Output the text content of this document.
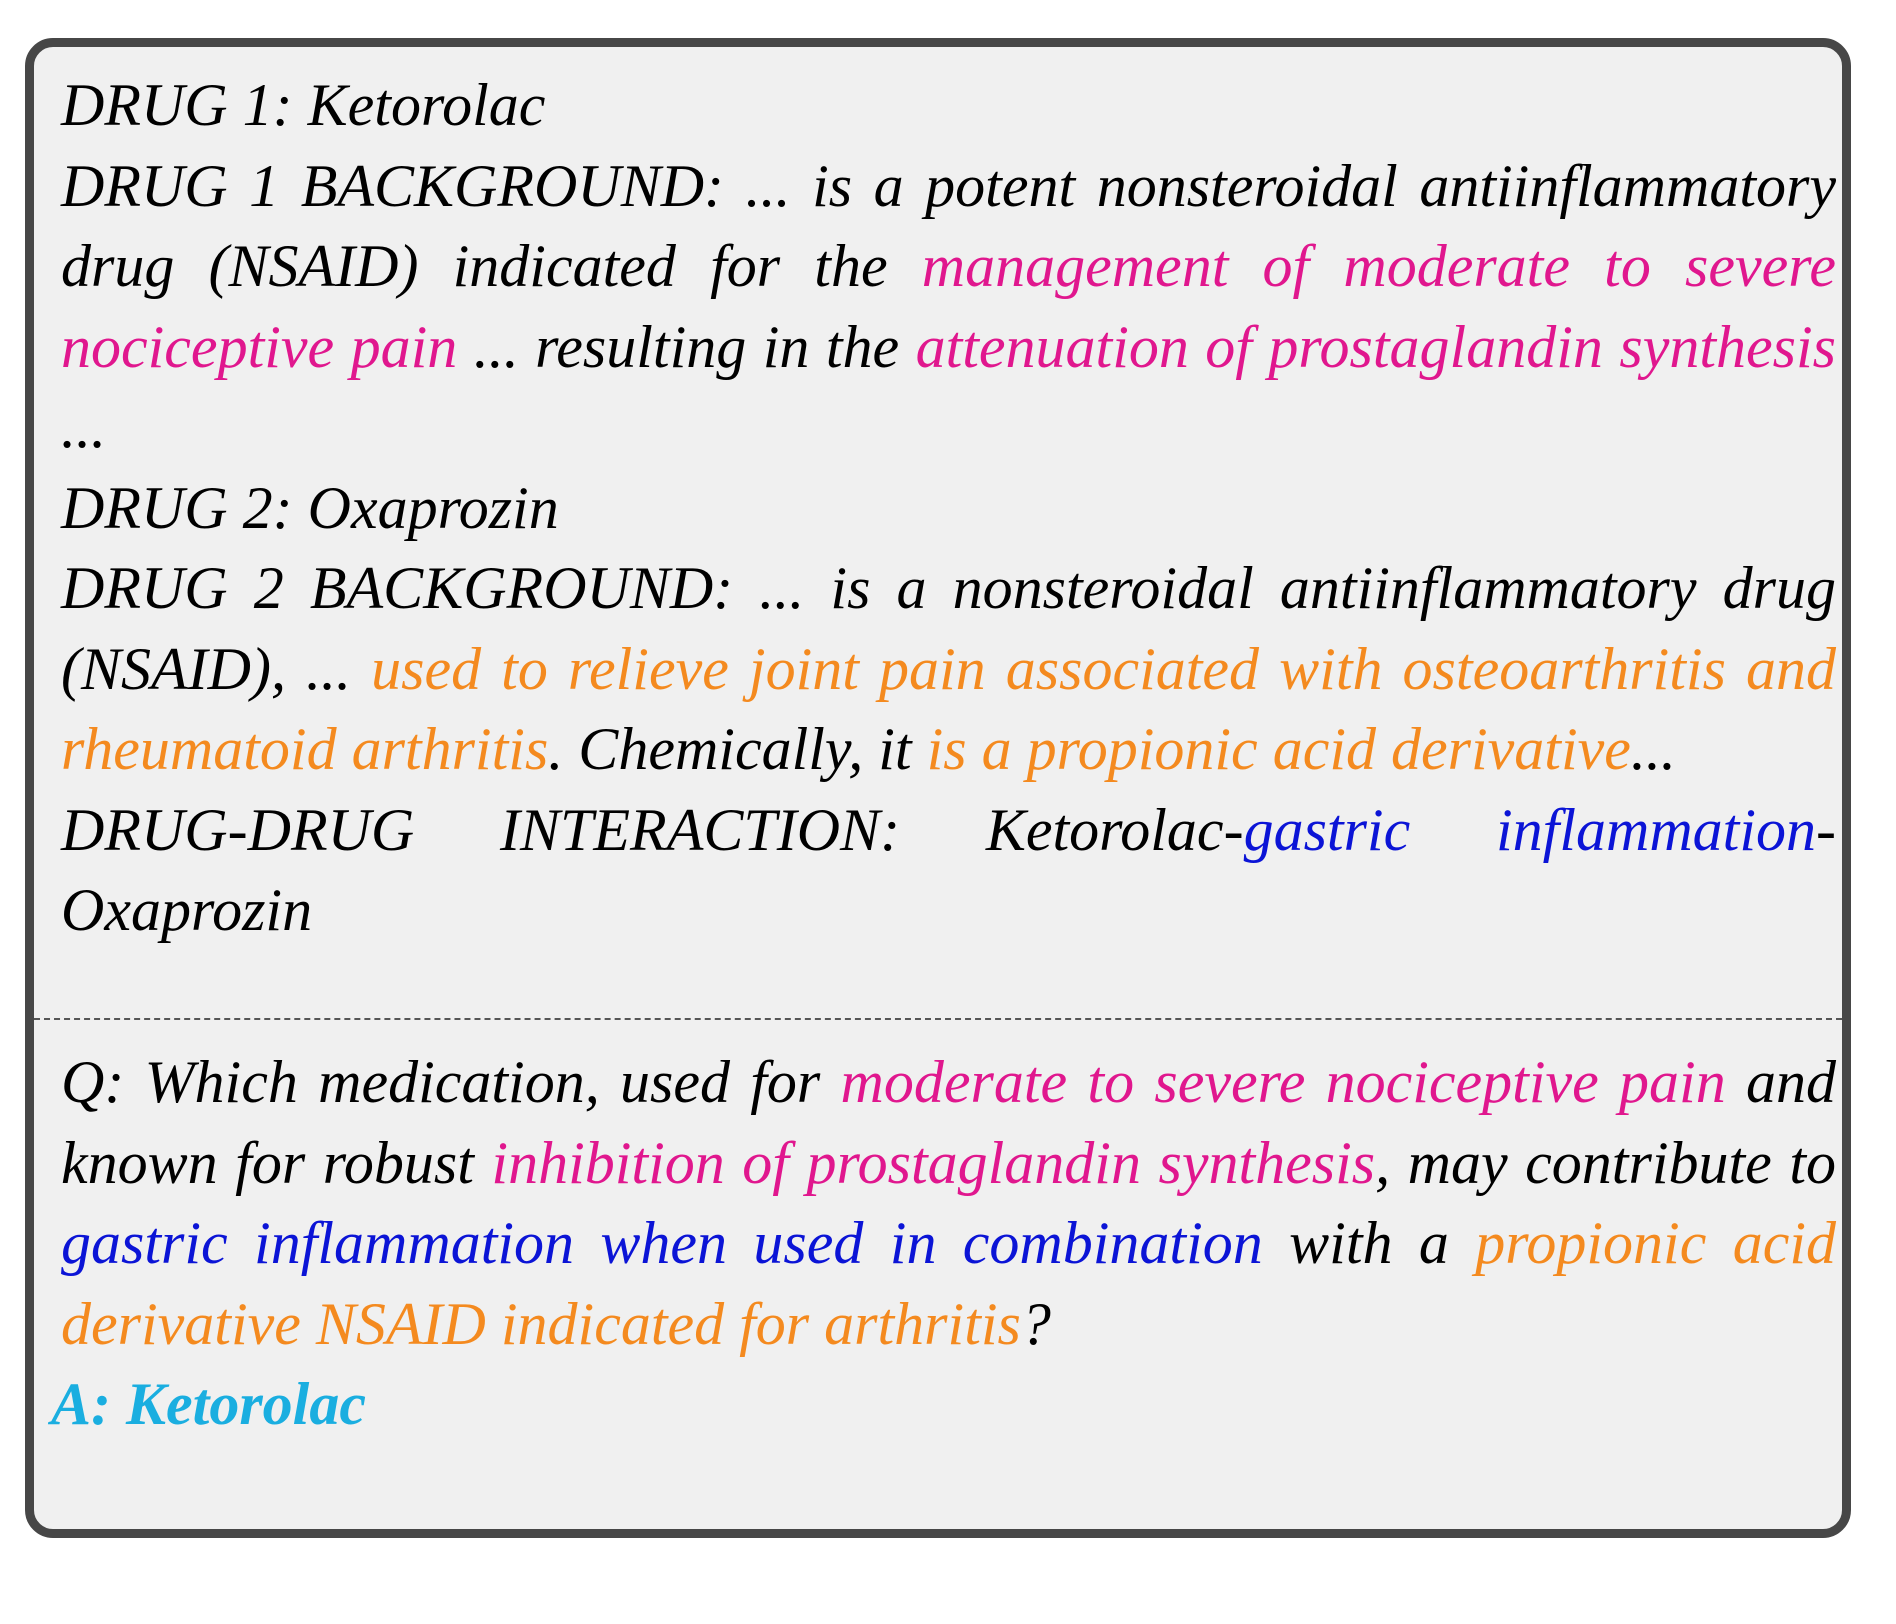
DRUG 1: Ketorolac
DRUG 1 BACKGROUND: ... is a potent nonsteroidal antiinflammatory drug (NSAID) indicated for the management of moderate to severe nociceptive pain ... resulting in the attenuation of prostaglandin synthesis ...
DRUG 2: Oxaprozin
DRUG 2 BACKGROUND: ... is a nonsteroidal antiinflammatory drug (NSAID), ... used to relieve joint pain associated with osteoarthritis and rheumatoid arthritis. Chemically, it is a propionic acid derivative...
DRUG-DRUG INTERACTION: Ketorolac-gastric inflammation-Oxaprozin
Q: Which medication, used for moderate to severe nociceptive pain and known for robust inhibition of prostaglandin synthesis, may contribute to gastric inflammation when used in combination with a propionic acid derivative NSAID indicated for arthritis?
A: Ketorolac
